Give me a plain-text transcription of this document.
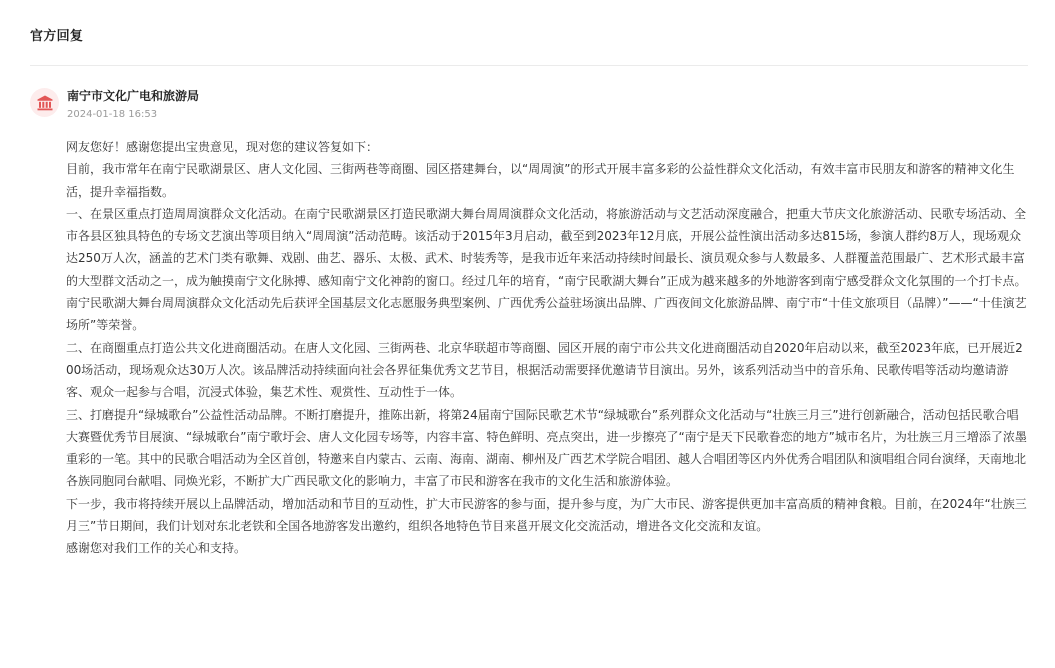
官方回复
南宁市文化广电和旅游局
2024-01-18 16:53

网友您好！感谢您提出宝贵意见，现对您的建议答复如下：

目前，我市常年在南宁民歌湖景区、唐人文化园、三街两巷等商圈、园区搭建舞台，以“周周演”的形式开展丰富多彩的公益性群众文化活动，有效丰富市民朋友和游客的精神文化生活，提升幸福指数。

一、在景区重点打造周周演群众文化活动。在南宁民歌湖景区打造民歌湖大舞台周周演群众文化活动，将旅游活动与文艺活动深度融合，把重大节庆文化旅游活动、民歌专场活动、全市各县区独具特色的专场文艺演出等项目纳入“周周演”活动范畴。该活动于2015年3月启动，截至到2023年12月底，开展公益性演出活动多达815场，参演人群约8万人，现场观众达250万人次，涵盖的艺术门类有歌舞、戏剧、曲艺、器乐、太极、武术、时装秀等，是我市近年来活动持续时间最长、演员观众参与人数最多、人群覆盖范围最广、艺术形式最丰富的大型群文活动之一，成为触摸南宁文化脉搏、感知南宁文化神韵的窗口。经过几年的培育，“南宁民歌湖大舞台”正成为越来越多的外地游客到南宁感受群众文化氛围的一个打卡点。南宁民歌湖大舞台周周演群众文化活动先后获评全国基层文化志愿服务典型案例、广西优秀公益驻场演出品牌、广西夜间文化旅游品牌、南宁市“十佳文旅项目（品牌）”——“十佳演艺场所”等荣誉。

二、在商圈重点打造公共文化进商圈活动。在唐人文化园、三街两巷、北京华联超市等商圈、园区开展的南宁市公共文化进商圈活动自2020年启动以来，截至2023年底，已开展近200场活动，现场观众达30万人次。该品牌活动持续面向社会各界征集优秀文艺节目，根据活动需要择优邀请节目演出。另外，该系列活动当中的音乐角、民歌传唱等活动均邀请游客、观众一起参与合唱，沉浸式体验，集艺术性、观赏性、互动性于一体。

三、打磨提升“绿城歌台”公益性活动品牌。不断打磨提升，推陈出新，将第24届南宁国际民歌艺术节“绿城歌台”系列群众文化活动与“壮族三月三”进行创新融合，活动包括民歌合唱大赛暨优秀节目展演、“绿城歌台”南宁歌圩会、唐人文化园专场等，内容丰富、特色鲜明、亮点突出，进一步擦亮了“南宁是天下民歌眷恋的地方”城市名片，为壮族三月三增添了浓墨重彩的一笔。其中的民歌合唱活动为全区首创，特邀来自内蒙古、云南、海南、湖南、柳州及广西艺术学院合唱团、越人合唱团等区内外优秀合唱团队和演唱组合同台演绎，天南地北各族同胞同台献唱、同焕光彩，不断扩大广西民歌文化的影响力，丰富了市民和游客在我市的文化生活和旅游体验。

下一步，我市将持续开展以上品牌活动，增加活动和节目的互动性，扩大市民游客的参与面，提升参与度，为广大市民、游客提供更加丰富高质的精神食粮。目前，在2024年“壮族三月三”节日期间，我们计划对东北老铁和全国各地游客发出邀约，组织各地特色节目来邕开展文化交流活动，增进各文化交流和友谊。

感谢您对我们工作的关心和支持。
